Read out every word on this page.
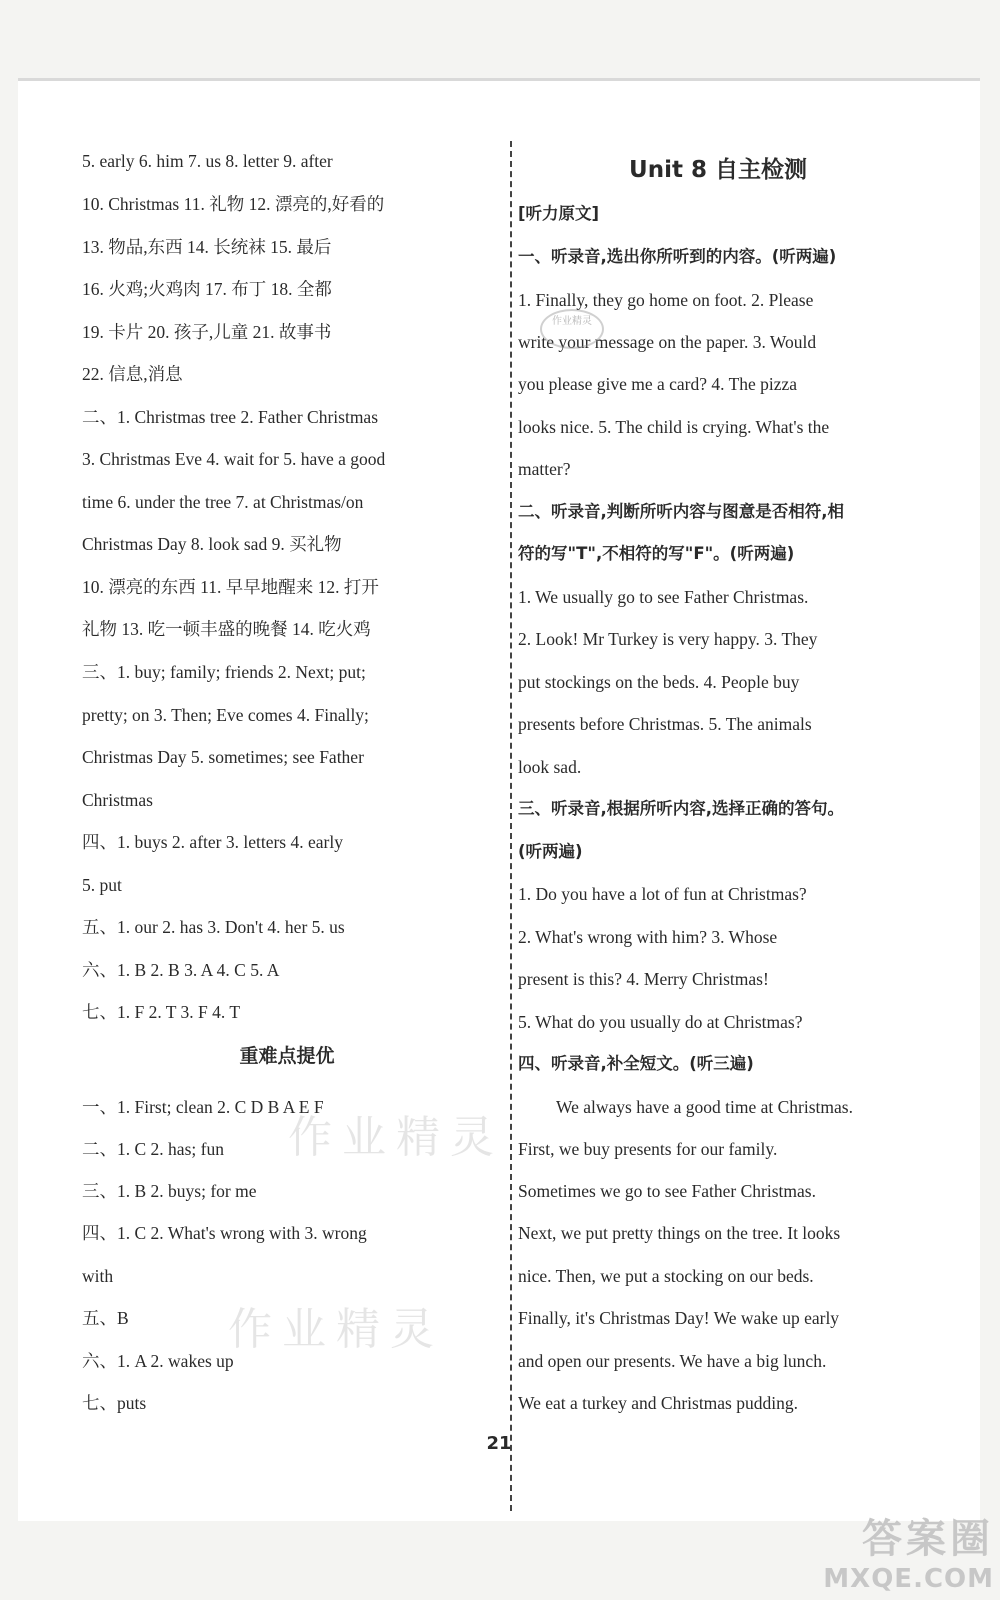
5. early 6. him 7. us 8. letter 9. after
10. Christmas 11. 礼物 12. 漂亮的,好看的
13. 物品,东西 14. 长统袜 15. 最后
16. 火鸡;火鸡肉 17. 布丁 18. 全都
19. 卡片 20. 孩子,儿童 21. 故事书
22. 信息,消息
二、1. Christmas tree 2. Father Christmas
3. Christmas Eve 4. wait for 5. have a good
time 6. under the tree 7. at Christmas/on
Christmas Day 8. look sad 9. 买礼物
10. 漂亮的东西 11. 早早地醒来 12. 打开
礼物 13. 吃一顿丰盛的晚餐 14. 吃火鸡
三、1. buy; family; friends 2. Next; put;
pretty; on 3. Then; Eve comes 4. Finally;
Christmas Day 5. sometimes; see Father
Christmas
四、1. buys 2. after 3. letters 4. early
5. put
五、1. our 2. has 3. Don't 4. her 5. us
六、1. B 2. B 3. A 4. C 5. A
七、1. F 2. T 3. F 4. T
重难点提优
一、1. First; clean 2. C D B A E F
二、1. C 2. has; fun
三、1. B 2. buys; for me
四、1. C 2. What's wrong with 3. wrong
with
五、B
六、1. A 2. wakes up
七、puts
Unit 8 自主检测
[听力原文]
一、听录音,选出你所听到的内容。(听两遍)
1. Finally, they go home on foot. 2. Please
write your message on the paper. 3. Would
you please give me a card? 4. The pizza
looks nice. 5. The child is crying. What's the
matter?
二、听录音,判断所听内容与图意是否相符,相
符的写"T",不相符的写"F"。(听两遍)
1. We usually go to see Father Christmas.
2. Look! Mr Turkey is very happy. 3. They
put stockings on the beds. 4. People buy
presents before Christmas. 5. The animals
look sad.
三、听录音,根据所听内容,选择正确的答句。
(听两遍)
1. Do you have a lot of fun at Christmas?
2. What's wrong with him? 3. Whose
present is this? 4. Merry Christmas!
5. What do you usually do at Christmas?
四、听录音,补全短文。(听三遍)
We always have a good time at Christmas.
First, we buy presents for our family.
Sometimes we go to see Father Christmas.
Next, we put pretty things on the tree. It looks
nice. Then, we put a stocking on our beds.
Finally, it's Christmas Day! We wake up early
and open our presents. We have a big lunch.
We eat a turkey and Christmas pudding.
作业精灵
作业精灵
作业精灵
21
答案圈
MXQE.COM
